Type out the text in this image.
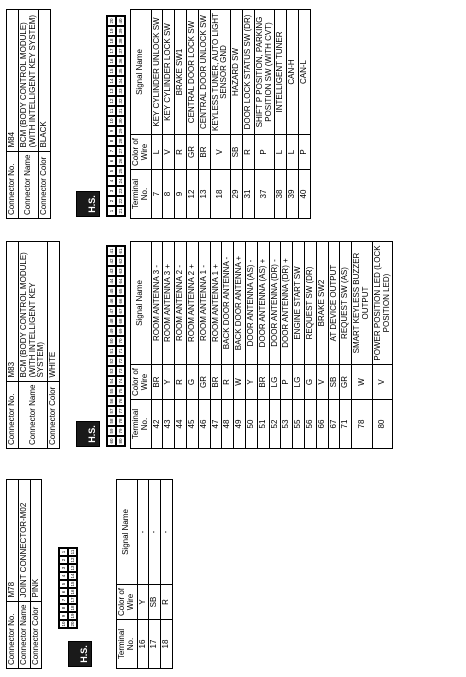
Connector No.	M78
Connector Name	JOINT CONNECTOR-M02
Connector Color	PINK
H.S.
10
9
8
7
6
5
4
3
2
1
20
19
18
17
16
15
14
13
12
11
Terminal No.	Color of Wire	Signal Name
16	Y	-
17	SB	-
18	R	-
Connector No.	M83
Connector Name	BCM (BODY CONTROL MODULE) (WITH INTELLIGENT KEY SYSTEM)
Connector Color	WHITE
H.S.	60
59
58
57
56
55
54
53
52
51
50
49
48
47
46
45
44
43
42
41
80
79
78
77
76
75
74
73
72
71
70
69
68
67
66
65
64
63
62
61
Terminal No.	Color of Wire	Signal Name
42	BR	ROOM ANTENNA 3 -
43	Y	ROOM ANTENNA 3 +
44	R	ROOM ANTENNA 2 -
45	G	ROOM ANTENNA 2 +
46	GR	ROOM ANTENNA 1 -
47	BR	ROOM ANTENNA 1 +
48	R	BACK DOOR ANTENNA -
49	W	BACK DOOR ANTENNA +
50	Y	DOOR ANTENNA (AS) -
51	BR	DOOR ANTENNA (AS) +
52	LG	DOOR ANTENNA (DR) -
53	P	DOOR ANTENNA (DR) +
55	LG	ENGINE START SW
56	G	REQUEST SW (DR)
66	V	BRAKE SW2
67	SB	AT DEVICE OUTPUT
71	GR	REQUEST SW (AS)
78	W	SMART KEYLESS BUZZER OUTPUT
80	V	POWER POSITION LED (LOCK POSITION LED)
Connector No.	M84
Connector Name	BCM (BODY CONTROL MODULE) (WITH INTELLIGENT KEY SYSTEM)
Connector Color	BLACK
H.S.	1
2
3
4
5
6
7
8
9
10
11
12
13
14
15
16
17
18
19
20
21
22
23
24
25
26
27
28
29
30
31
32
33
34
35
36
37
38
39
40
Terminal No.	Color of Wire	Signal Name
7	L	KEY CYLINDER UNLOCK SW
8	V	KEY CYLINDER LOCK SW
9	R	BRAKE SW1
12	GR	CENTRAL DOOR LOCK SW
13	BR	CENTRAL DOOR UNLOCK SW
18	V	KEYLESS TUNER, AUTO LIGHT SENSOR GND
29	SB	HAZARD SW
31	R	DOOR LOCK STATUS SW (DR)
37	P	SHIFT P POSITION, PARKING POSITION SW (WITH CVT)
38	L	INTELLIGENT TUNER
39	L	CAN-H
40	P	CAN-L
